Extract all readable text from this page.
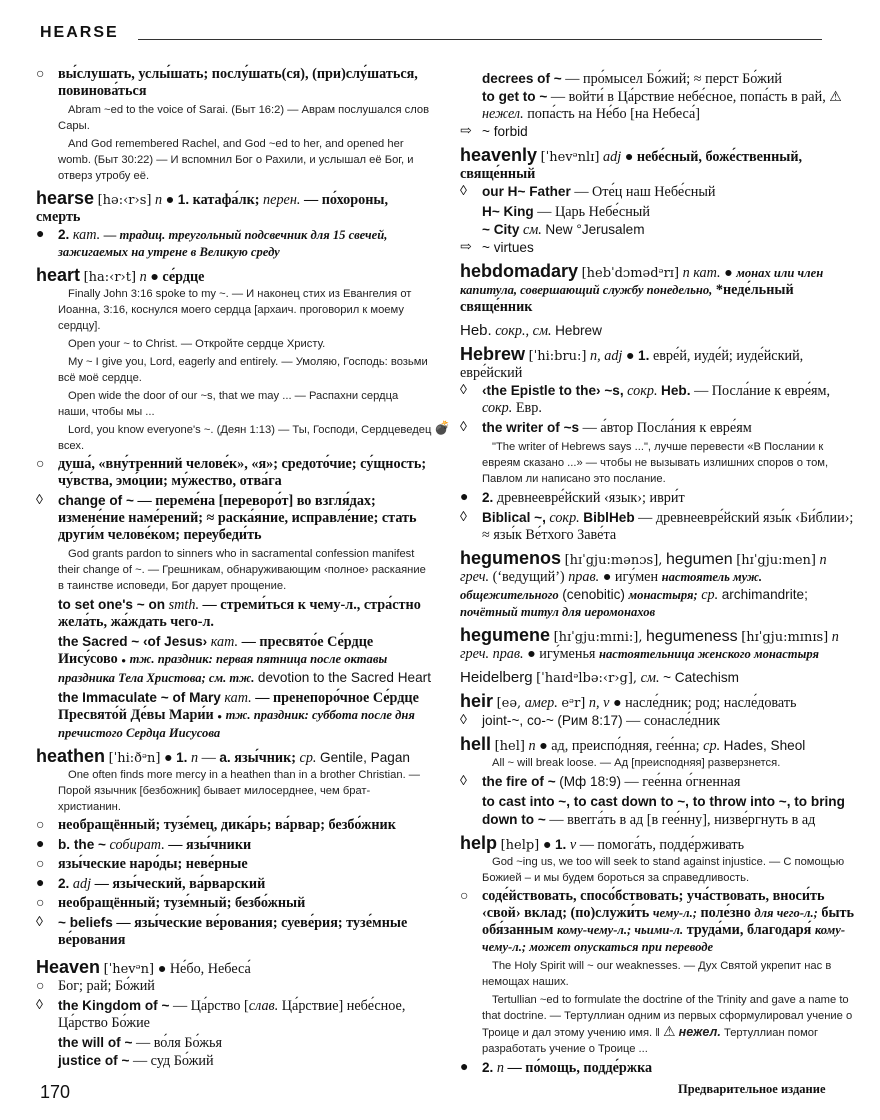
HEARSE
○ вы́слушать, услы́шать; послу́шать(ся), (при)слу́шаться, повинова́ться

Abram ~ed to the voice of Sarai. (Быт 16:2) — Аврам послушался слов Сары.

And God remembered Rachel, and God ~ed to her, and opened her womb. (Быт 30:22) — И вспомнил Бог о Рахили, и услышал её Бог, и отверз утробу её.

hearse [hə:‹r›s] n ● 1. катафа́лк; перен. — по́хороны, смерть
● 2. кат. — традиц. треугольный подсвечник для 15 свечей, зажигаемых на утрене в Великую среду
heart [ha:‹r›t] n ● се́рдце

Finally John 3:16 spoke to my ~. — И наконец стих из Евангелия от Иоанна, 3:16, коснулся моего сердца [архаич. проговорил к моему сердцу].

Open your ~ to Christ. — Откройте сердце Христу.

My ~ I give you, Lord, eagerly and entirely. — Умоляю, Господь: возьми всё моё сердце.

Open wide the door of our ~s, that we may ... — Распахни сердца наши, чтобы мы ...

Lord, you know everyone's ~. (Деян 1:13) — Ты, Господи, Сердцеведец всех.

○ душа́, «вну́тренний челове́к», «я»; средото́чие; су́щность; чу́вства, эмо́ции; му́жество, отва́га
◊	change of ~ — переме́на [переворо́т] во взгля́дах; измене́ние наме́рений; ≈ раска́яние, исправле́ние; стать други́м челове́ком; переубеди́ть

God grants pardon to sinners who in sacramental confession manifest their change of ~. — Грешникам, обнаруживающим ‹полное› раскаяние в таинстве исповеди, Бог дарует прощение.

to set one's ~ on smth. — стреми́ться к чему-л., стра́стно жела́ть, жа́ждать чего-л.
the Sacred ~ ‹of Jesus› кат. — пресвято́е Се́рдце Иису́сово ● тж. праздник: первая пятница после октавы праздника Тела Христова; см. тж. devotion to the Sacred Heart
the Immaculate ~ of Mary кат. — пренепоро́чное Се́рдце Пресвято́й Де́вы Мари́и ● тж. праздник: суббота после дня пречистого Сердца Иисусова
heathen [ˈhi:ðᵊn] ● 1. n — a. язы́чник; ср. Gentile, Pagan

One often finds more mercy in a heathen than in a brother Christian. — Порой язычник [безбожник] бывает милосерднее, чем брат-христианин.

○ необращённый; тузе́мец, дика́рь; ва́рвар; безбо́жник
● b. the ~ собират. — язы́чники
○ язы́ческие наро́ды; неве́рные
● 2. adj — язы́ческий, ва́рварский
○ необращённый; тузе́мный; безбо́жный
◊	~ beliefs — язы́ческие ве́рования; суеве́рия; тузе́мные ве́рования
Heaven [ˈhevᵊn] ● Не́бо, Небеса́
○ Бог; рай; Бо́жий
◊	the Kingdom of ~ — Ца́рство [слав. Ца́рствие] небе́сное, Ца́рство Бо́жие
the will of ~ — во́ля Бо́жья
justice of ~ — суд Бо́жий
decrees of ~ — про́мысел Бо́жий; ≈ перст Бо́жий
to get to ~ — войти́ в Ца́рствие небе́сное, попа́сть в рай, ⚠ нежел. попа́сть на Не́бо [на Небеса́]
⇨ ~ forbid
heavenly [ˈhevᵊnlɪ] adj ● небе́сный, боже́ственный, свяще́нный
◊	our H~ Father — Оте́ц наш Небе́сный
H~ King — Царь Небе́сный
~ City см. New °Jerusalem
⇨ ~ virtues
hebdomadary [hebˈdɔmədᵊrɪ] n кат. ● монах или член капитула, совершающий службу понедельно, *неде́льный свяще́нник
Heb. сокр., см. Hebrew
Hebrew [ˈhi:bru:] n, adj ● 1. евре́й, иуде́й; иуде́йский, евре́йский
◊	‹the Epistle to the› ~s, сокр. Heb. — Посла́ние к евре́ям, сокр. Евр.
💣 ◊	the writer of ~s — а́втор Посла́ния к евре́ям

"The writer of Hebrews says ...", лучше перевести «В Послании к евреям сказано ...» — чтобы не вызывать излишних споров о том, Павлом ли написано это послание.

● 2. древнеевре́йский ‹язык›; иври́т
◊	Biblical ~, сокр. BiblHeb — древнеевре́йский язы́к ‹Би́блии›; ≈ язы́к Ве́тхого Заве́та
hegumenos [hɪˈgju:mənɔs], hegumen [hɪˈgju:men] n греч. (‘ведущий’) прав. ● игу́мен настоятель муж. общежительного (cenobitic) монастыря; ср. archimandrite; почётный титул для иеромонахов
hegumene [hɪˈgju:mɪni:], hegumeness [hɪˈgju:mɪnɪs] n греч. прав. ● игу́менья настоятельница женского монастыря
Heidelberg [ˈhaɪdᵊlbə:‹r›g], см. ~ Catechism
heir [eə, амер. eᵊr] n, v ● насле́дник; род; насле́довать
◊	joint-~, co-~ (Рим 8:17) — сонасле́дник
hell [hel] n ● ад, преиспо́дняя, гее́нна; ср. Hades, Sheol

All ~ will break loose. — Ад [преисподняя] разверзнется.

◊	the fire of ~ (Мф 18:9) — гее́нна о́гненная
to cast into ~, to cast down to ~, to throw into ~, to bring down to ~ — ввerга́ть в ад [в гее́нну], низве́ргнуть в ад
help [help] ● 1. v — помога́ть, подде́рживать

God ~ing us, we too will seek to stand against injustice. — С помощью Божией – и мы будем бороться за справедливость.

○ соде́йствовать, спосо́бствовать; уча́ствовать, вноси́ть ‹свой› вклад; (по)служи́ть чему-л.; поле́зно для чего-л.; быть обя́занным кому-чему-л.; чьими-л. труда́ми, благодаря́ кому-чему-л.; может опускаться при переводе

The Holy Spirit will ~ our weaknesses. — Дух Святой укрепит нас в немощах наших.

Tertullian ~ed to formulate the doctrine of the Trinity and gave a name to that doctrine. — Тертуллиан одним из первых сформулировал учение о Троице и дал этому учению имя. ‖ ⚠ нежел. Тертуллиан помог разработать учение о Троице ...

● 2. n — по́мощь, подде́ржка
170	Предварительное издание
